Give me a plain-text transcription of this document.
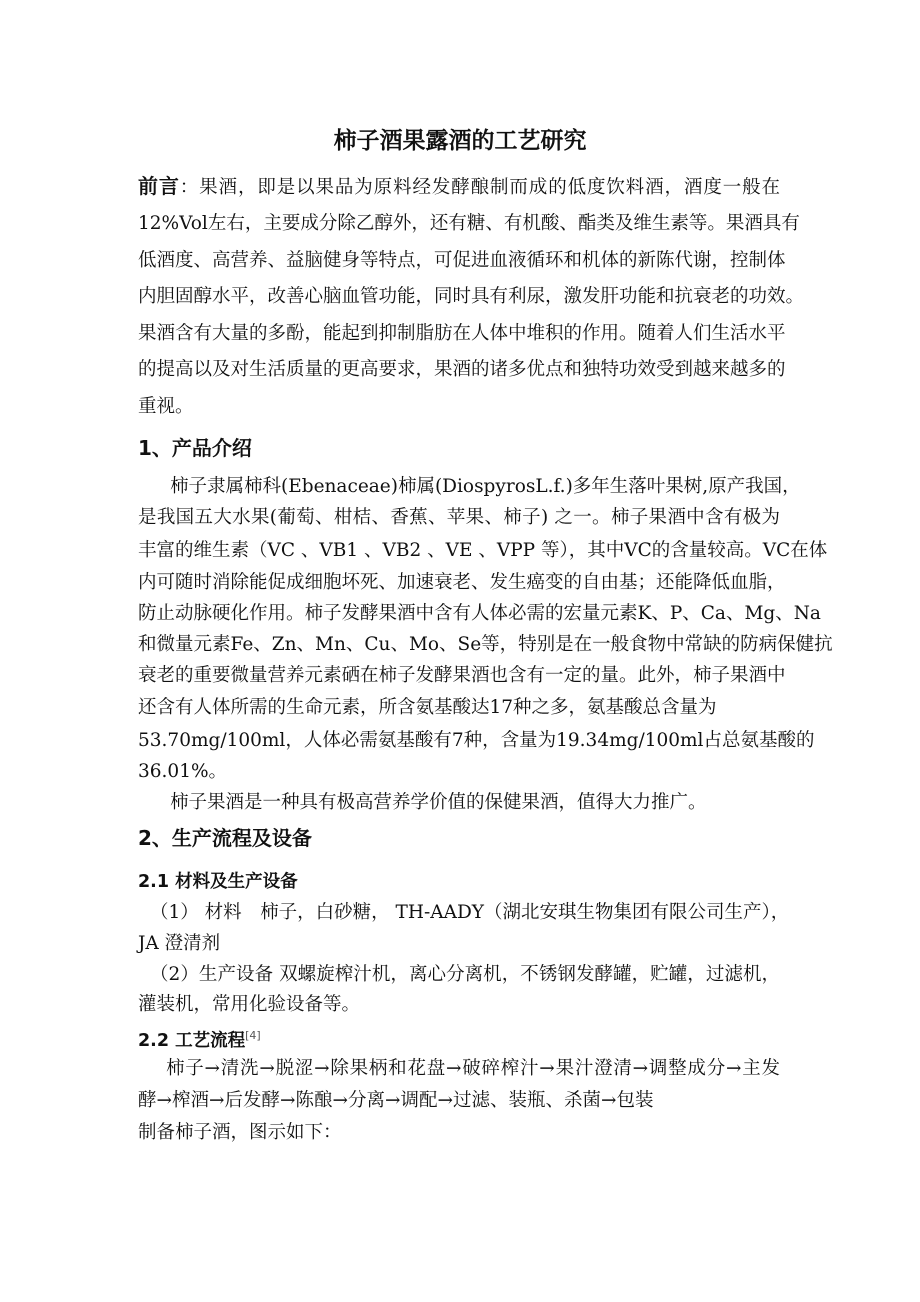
柿子酒果露酒的工艺研究
前言：果酒，即是以果品为原料经发酵酿制而成的低度饮料酒，酒度一般在
12%Vol左右，主要成分除乙醇外，还有糖、有机酸、酯类及维生素等。果酒具有
低酒度、高营养、益脑健身等特点，可促进血液循环和机体的新陈代谢，控制体
内胆固醇水平，改善心脑血管功能，同时具有利尿，激发肝功能和抗衰老的功效。
果酒含有大量的多酚，能起到抑制脂肪在人体中堆积的作用。随着人们生活水平
的提高以及对生活质量的更高要求，果酒的诸多优点和独特功效受到越来越多的
重视。
1、产品介绍
柿子隶属柿科(Ebenaceae)柿属(DiospyrosL.f.)多年生落叶果树,原产我国，
是我国五大水果(葡萄、柑桔、香蕉、苹果、柿子) 之一。柿子果酒中含有极为
丰富的维生素（VC 、VB1 、VB2 、VE 、VPP 等），其中VC的含量较高。VC在体
内可随时消除能促成细胞坏死、加速衰老、发生癌变的自由基；还能降低血脂，
防止动脉硬化作用。柿子发酵果酒中含有人体必需的宏量元素K、P、Ca、Mg、Na
和微量元素Fe、Zn、Mn、Cu、Mo、Se等，特别是在一般食物中常缺的防病保健抗
衰老的重要微量营养元素硒在柿子发酵果酒也含有一定的量。此外，柿子果酒中
还含有人体所需的生命元素，所含氨基酸达17种之多，氨基酸总含量为
53.70mg/100ml，人体必需氨基酸有7种，含量为19.34mg/100ml占总氨基酸的
36.01%。
柿子果酒是一种具有极高营养学价值的保健果酒，值得大力推广。
2、生产流程及设备
2.1 材料及生产设备
（1） 材料　柿子，白砂糖， TH-AADY（湖北安琪生物集团有限公司生产），
JA 澄清剂
（2）生产设备 双螺旋榨汁机，离心分离机，不锈钢发酵罐，贮罐，过滤机，
灌装机，常用化验设备等。
2.2 工艺流程[4]
柿子→清洗→脱涩→除果柄和花盘→破碎榨汁→果汁澄清→调整成分→主发
酵→榨酒→后发酵→陈酿→分离→调配→过滤、装瓶、杀菌→包装
制备柿子酒，图示如下：
